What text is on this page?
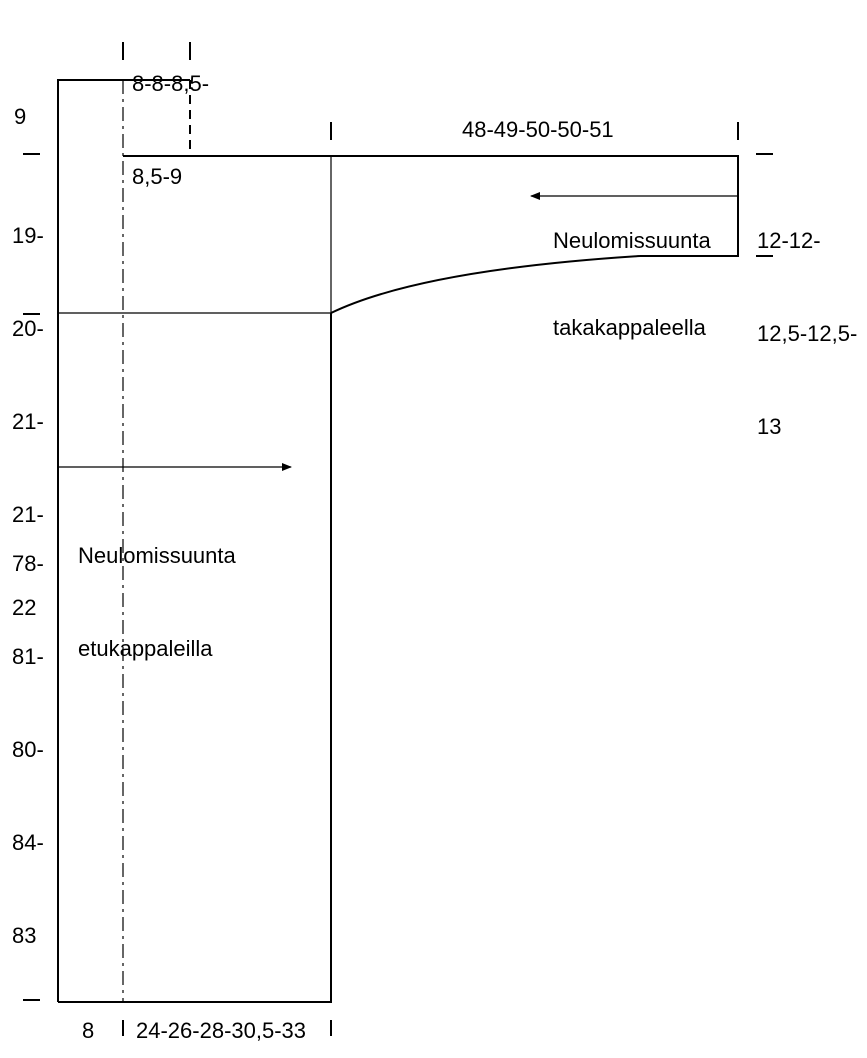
8-8-8,5-

8,5-9

9
48-49-50-50-51

19-

20-

21-

21-

22

12-12-

12,5-12,5-

13

78-

81-

80-

84-

83

8 24-26-28-30,5-33

Neulomissuunta

takakappaleella

Neulomissuunta

etukappaleilla
